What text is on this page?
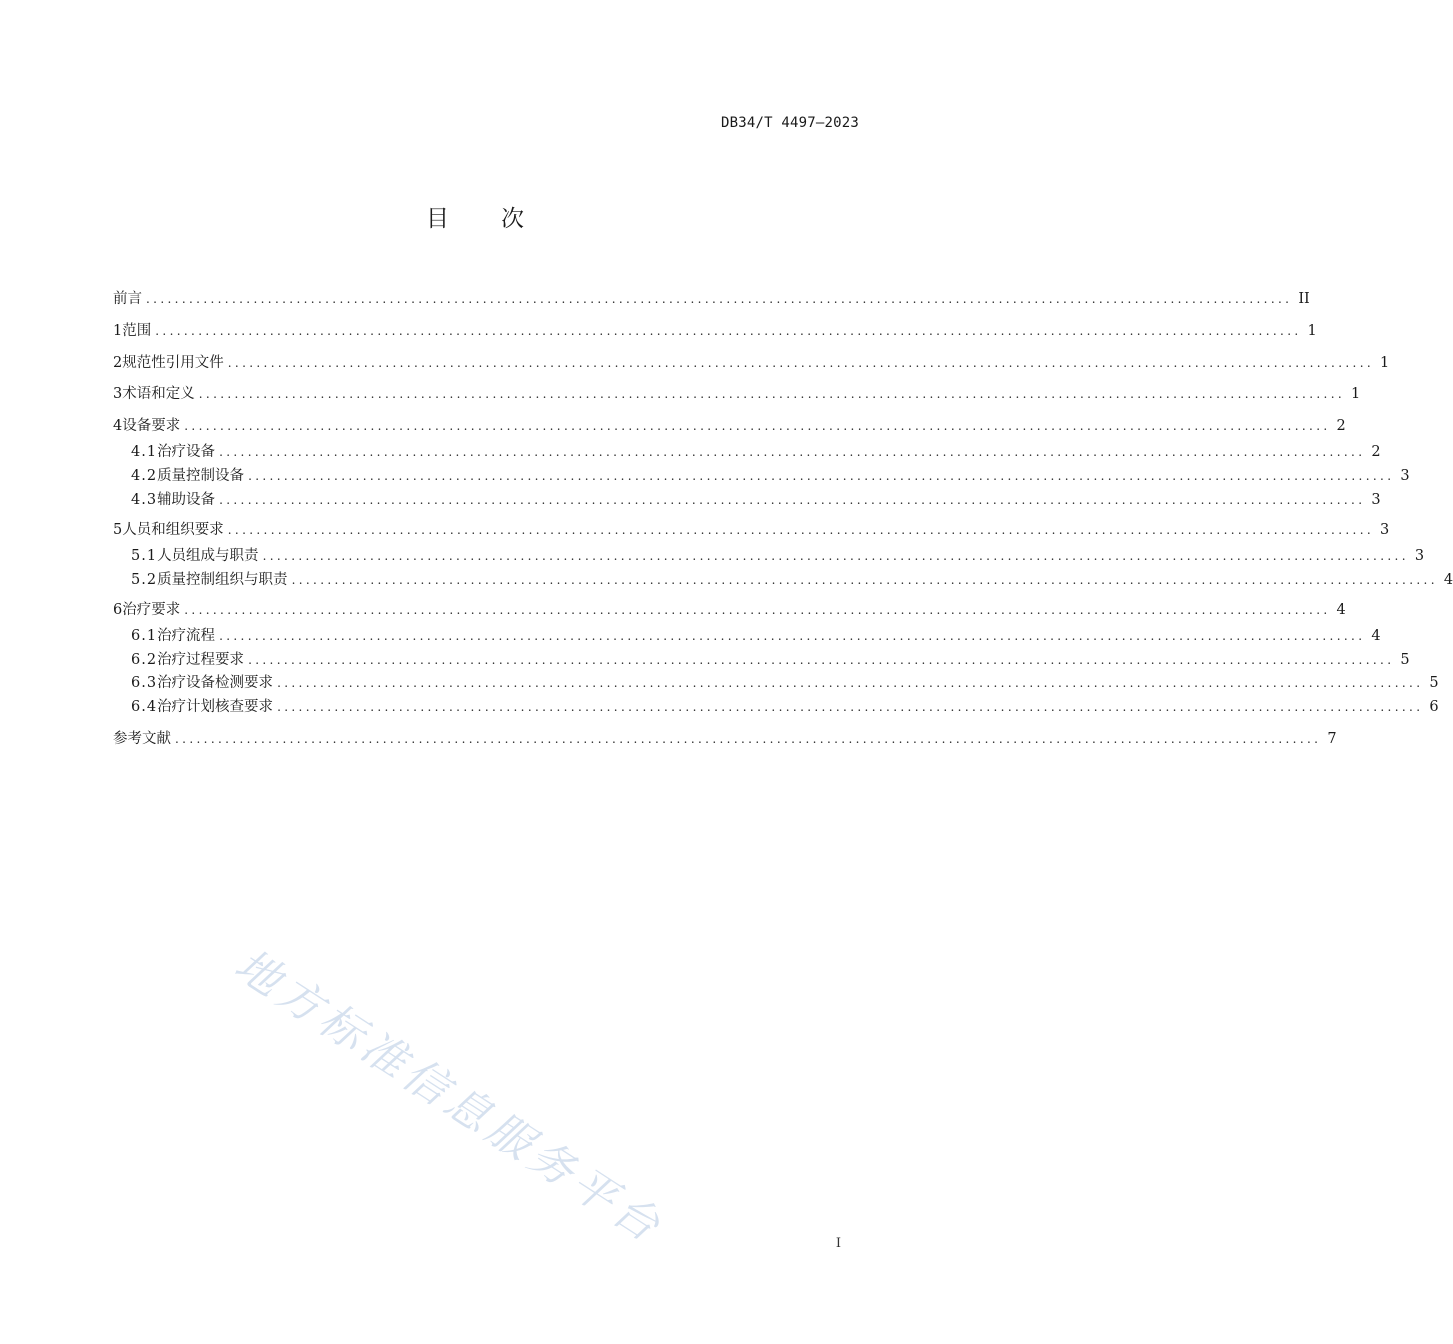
DB34/T 4497—2023
目 次
前言 ................................................................................................................................................................ II
1 范围 ................................................................................................................................................................ 1
2 规范性引用文件 ................................................................................................................................................................ 1
3 术语和定义 ................................................................................................................................................................ 1
4 设备要求 ................................................................................................................................................................ 2
4.1 治疗设备 ................................................................................................................................................................ 2
4.2 质量控制设备 ................................................................................................................................................................ 3
4.3 辅助设备 ................................................................................................................................................................ 3
5 人员和组织要求 ................................................................................................................................................................ 3
5.1 人员组成与职责 ................................................................................................................................................................ 3
5.2 质量控制组织与职责 ................................................................................................................................................................ 4
6 治疗要求 ................................................................................................................................................................ 4
6.1 治疗流程 ................................................................................................................................................................ 4
6.2 治疗过程要求 ................................................................................................................................................................ 5
6.3 治疗设备检测要求 ................................................................................................................................................................ 5
6.4 治疗计划核查要求 ................................................................................................................................................................ 6
参考文献 ................................................................................................................................................................ 7
地方标准信息服务平台	I
